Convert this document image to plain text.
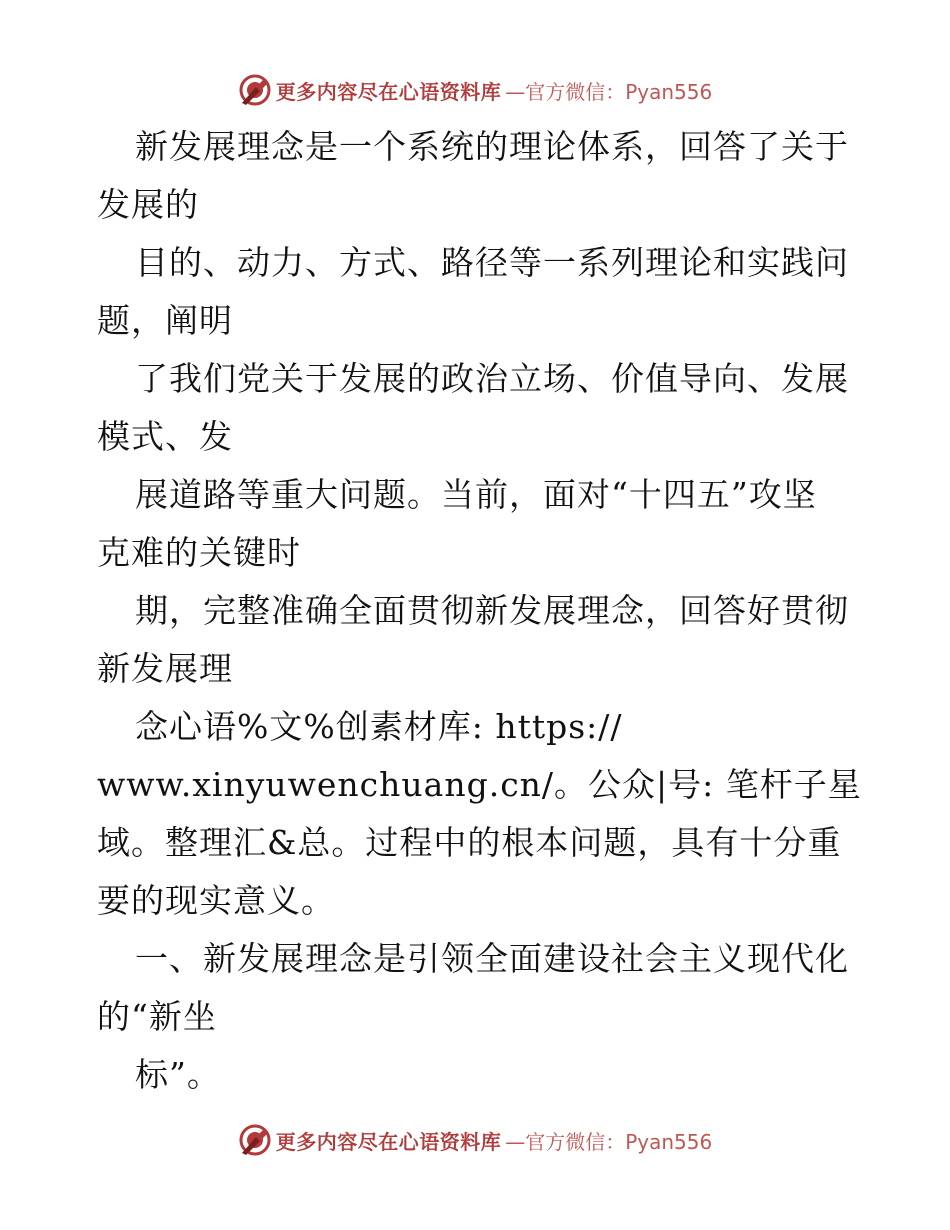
更多内容尽在心语资料库 —官方微信：Pyan556
新发展理念是一个系统的理论体系，回答了关于
发展的
目的、动力、方式、路径等一系列理论和实践问
题，阐明
了我们党关于发展的政治立场、价值导向、发展
模式、发
展道路等重大问题。当前，面对“十四五”攻坚
克难的关键时
期，完整准确全面贯彻新发展理念，回答好贯彻
新发展理
念心语%文%创素材库: https://
www.xinyuwenchuang.cn/。公众|号: 笔杆子星
域。整理汇&总。过程中的根本问题，具有十分重
要的现实意义。
一、新发展理念是引领全面建设社会主义现代化
的“新坐
标”。
更多内容尽在心语资料库 —官方微信：Pyan556
